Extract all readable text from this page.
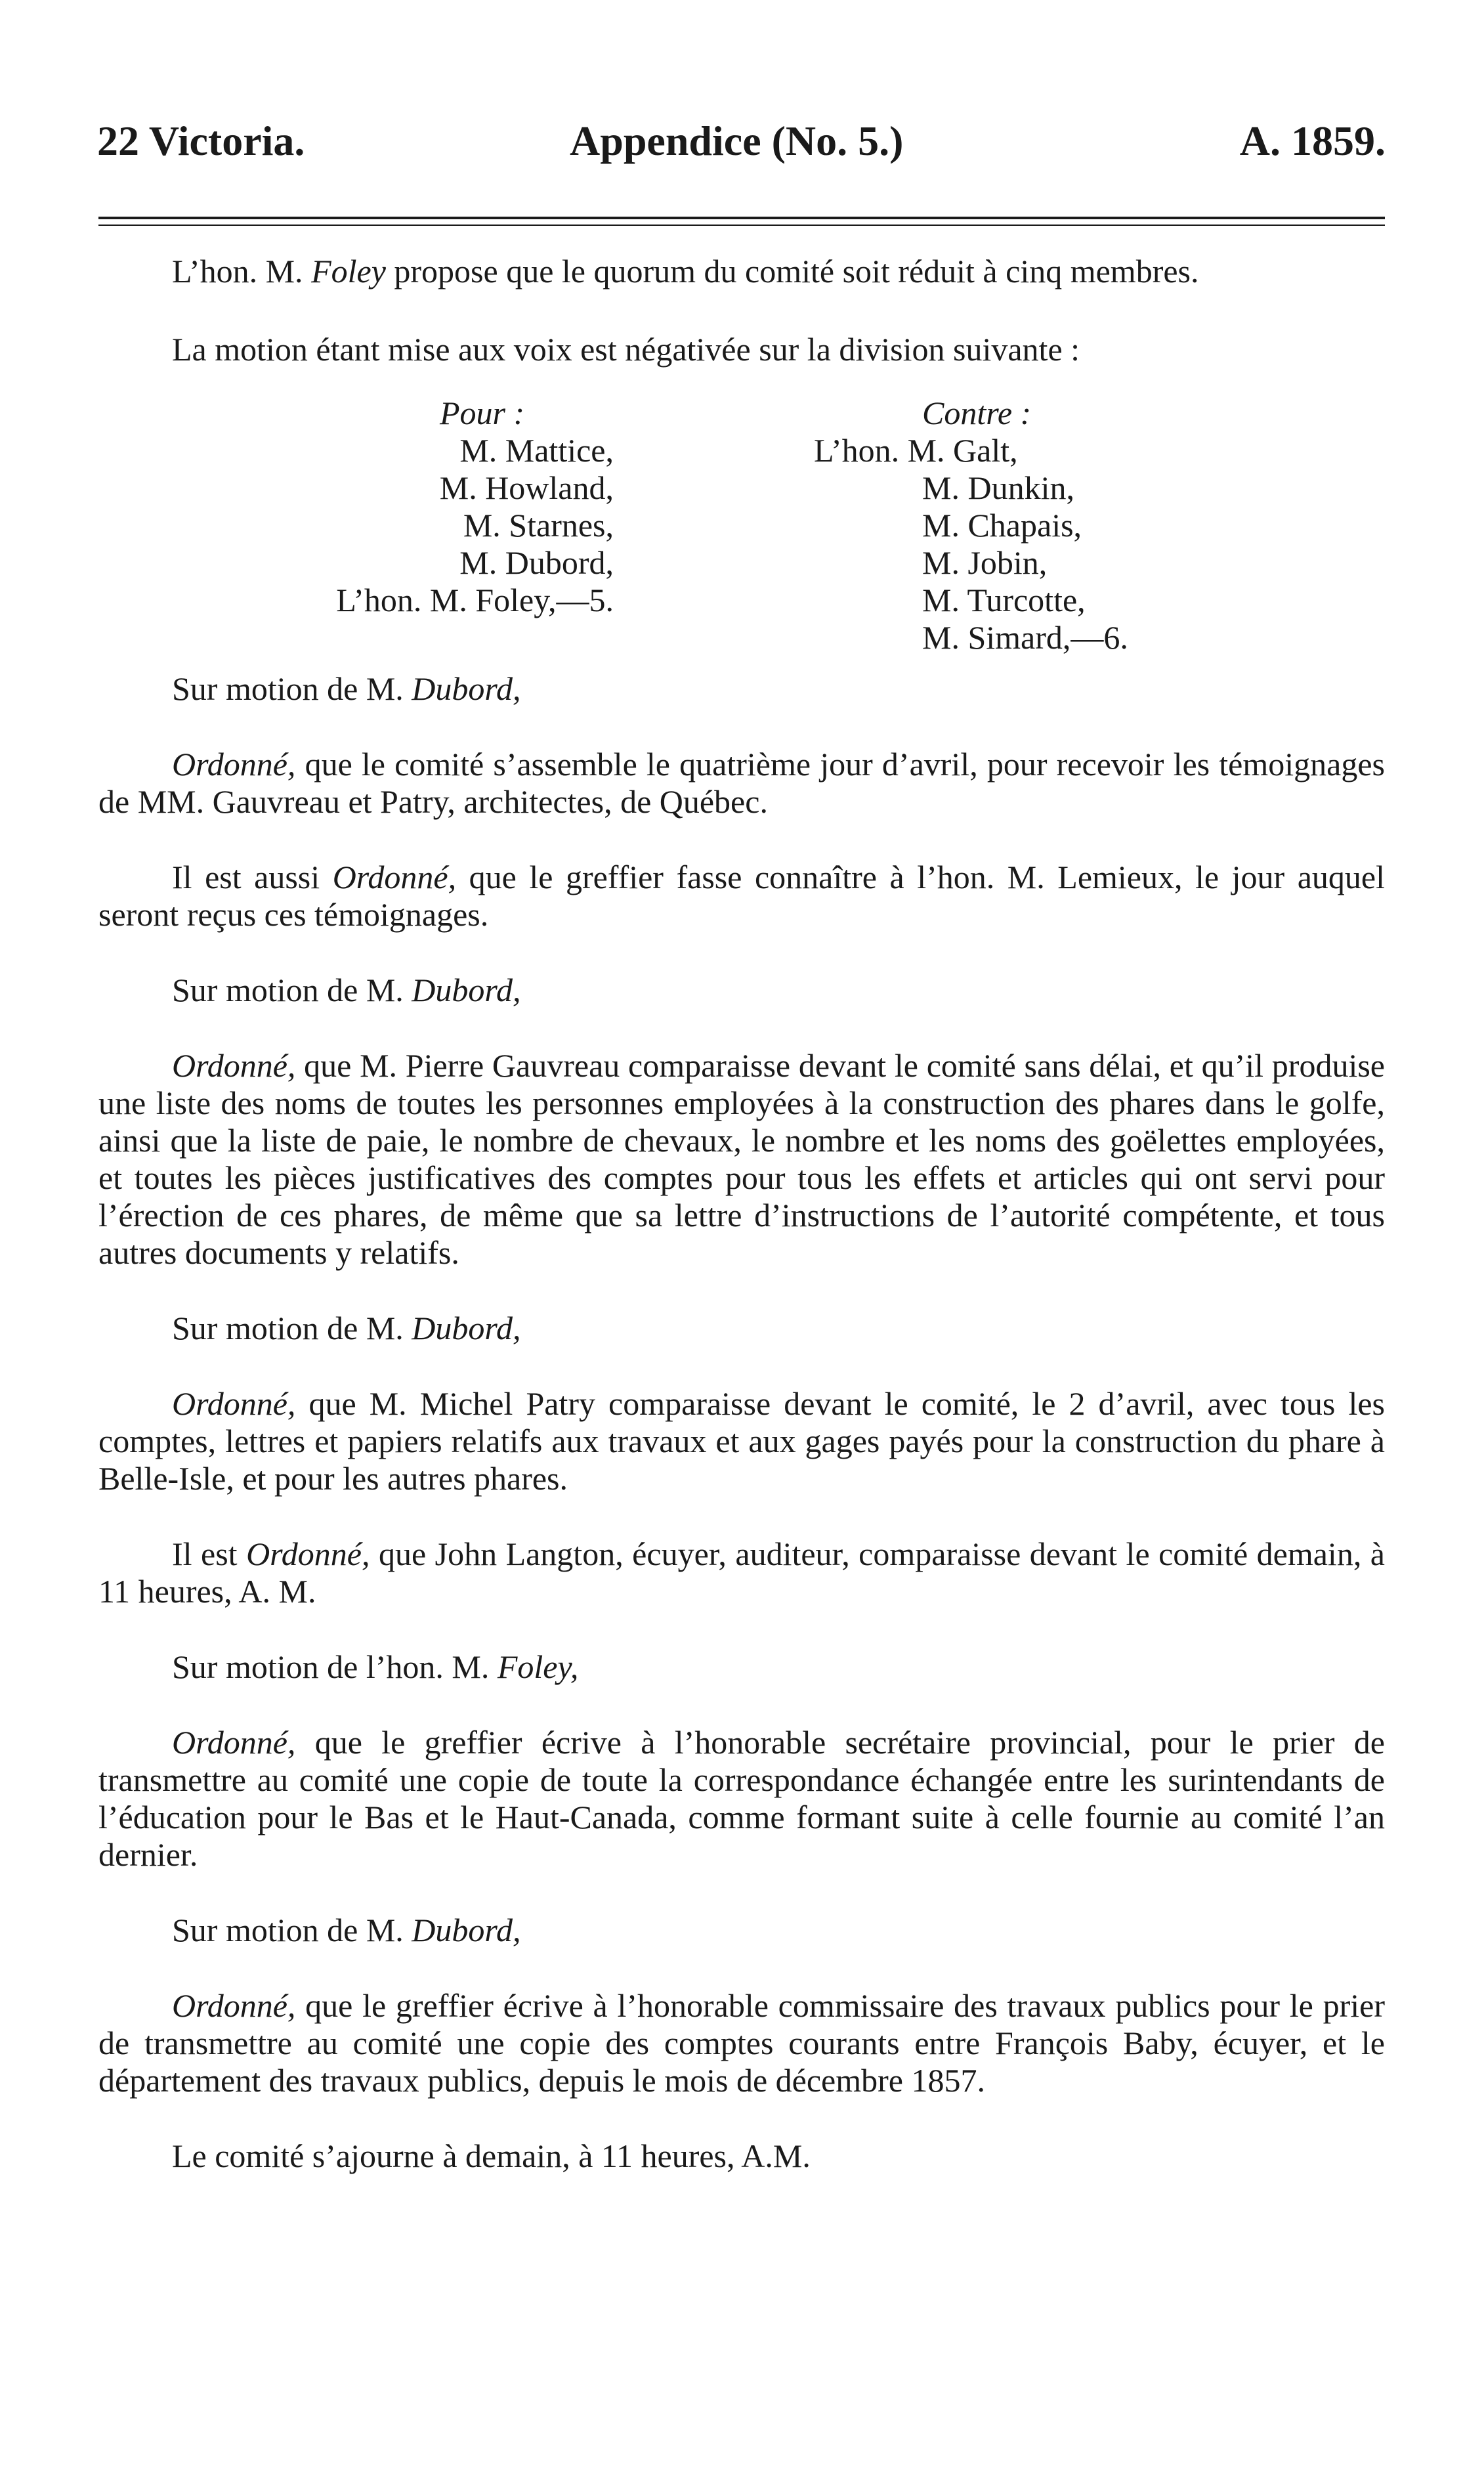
22 Victoria.	Appendice (No. 5.)	A. 1859.

L’hon. M. Foley propose que le quorum du comité soit réduit à cinq membres.

La motion étant mise aux voix est négativée sur la division suivante :

Pour :
M. Mattice,
M. Howland,
M. Starnes,
M. Dubord,
L’hon. M. Foley,—5.
Contre :
L’hon. M. Galt,
M. Dunkin,
M. Chapais,
M. Jobin,
M. Turcotte,
M. Simard,—6.

Sur motion de M. Dubord,

Ordonné, que le comité s’assemble le quatrième jour d’avril, pour recevoir les témoignages de MM. Gauvreau et Patry, architectes, de Québec.

Il est aussi Ordonné, que le greffier fasse connaître à l’hon. M. Lemieux, le jour auquel seront reçus ces témoignages.

Sur motion de M. Dubord,

Ordonné, que M. Pierre Gauvreau comparaisse devant le comité sans délai, et qu’il produise une liste des noms de toutes les personnes employées à la construction des phares dans le golfe, ainsi que la liste de paie, le nombre de chevaux, le nombre et les noms des goëlettes employées, et toutes les pièces justificatives des comptes pour tous les effets et articles qui ont servi pour l’érection de ces phares, de même que sa lettre d’instructions de l’autorité compétente, et tous autres documents y relatifs.

Sur motion de M. Dubord,

Ordonné, que M. Michel Patry comparaisse devant le comité, le 2 d’avril, avec tous les comptes, lettres et papiers relatifs aux travaux et aux gages payés pour la construction du phare à Belle-Isle, et pour les autres phares.

Il est Ordonné, que John Langton, écuyer, auditeur, comparaisse devant le comité demain, à 11 heures, A. M.

Sur motion de l’hon. M. Foley,

Ordonné, que le greffier écrive à l’honorable secrétaire provincial, pour le prier de transmettre au comité une copie de toute la correspondance échangée entre les surintendants de l’éducation pour le Bas et le Haut-Canada, comme formant suite à celle fournie au comité l’an dernier.

Sur motion de M. Dubord,

Ordonné, que le greffier écrive à l’honorable commissaire des travaux publics pour le prier de transmettre au comité une copie des comptes courants entre François Baby, écuyer, et le département des travaux publics, depuis le mois de décembre 1857.

Le comité s’ajourne à demain, à 11 heures, A.M.
